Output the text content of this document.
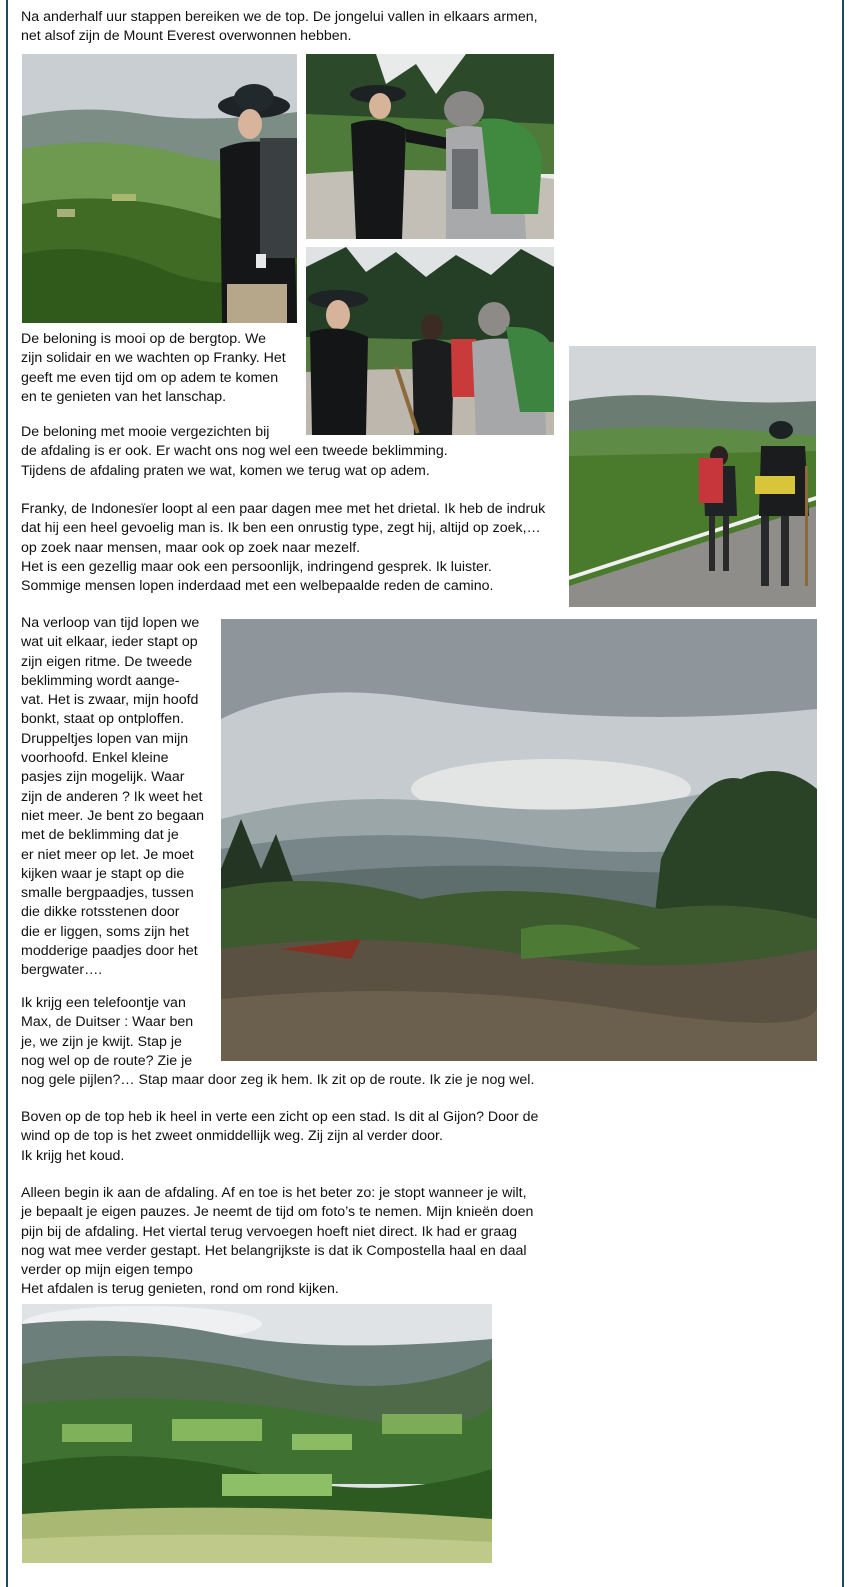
Na anderhalf uur stappen bereiken we de top. De jongelui vallen in elkaars armen,
net alsof zijn de Mount Everest overwonnen hebben.

De beloning is mooi op de bergtop. We
zijn solidair en we wachten op Franky. Het
geeft me even tijd om op adem te komen
en te genieten van het lanschap.

De beloning met mooie vergezichten bij
de afdaling is er ook. Er wacht ons nog wel een tweede beklimming.
Tijdens de afdaling praten we wat, komen we terug wat op adem.

Franky, de Indonesïer loopt al een paar dagen mee met het drietal. Ik heb de indruk
dat hij een heel gevoelig man is. Ik ben een onrustig type, zegt hij, altijd op zoek,…
op zoek naar mensen, maar ook op zoek naar mezelf.
Het is een gezellig maar ook een persoonlijk, indringend gesprek. Ik luister.
Sommige mensen lopen inderdaad met een welbepaalde reden de camino.

Na verloop van tijd lopen we
wat uit elkaar, ieder stapt op
zijn eigen ritme. De tweede
beklimming wordt aange-
vat. Het is zwaar, mijn hoofd
bonkt, staat op ontploffen.
Druppeltjes lopen van mijn
voorhoofd. Enkel kleine
pasjes zijn mogelijk. Waar
zijn de anderen ? Ik weet het
niet meer. Je bent zo begaan
met de beklimming dat je
er niet meer op let. Je moet
kijken waar je stapt op die
smalle bergpaadjes, tussen
die dikke rotsstenen door
die er liggen, soms zijn het
modderige paadjes door het
bergwater….

Ik krijg een telefoontje van
Max, de Duitser : Waar ben
je, we zijn je kwijt. Stap je
nog wel op de route? Zie je

nog gele pijlen?… Stap maar door zeg ik hem. Ik zit op de route. Ik zie je nog wel.

Boven op de top heb ik heel in verte een zicht op een stad. Is dit al Gijon? Door de
wind op de top is het zweet onmiddellijk weg. Zij zijn al verder door.
Ik krijg het koud.

Alleen begin ik aan de afdaling. Af en toe is het beter zo: je stopt wanneer je wilt,
je bepaalt je eigen pauzes. Je neemt de tijd om foto’s te nemen. Mijn knieën doen
pijn bij de afdaling. Het viertal terug vervoegen hoeft niet direct. Ik had er graag
nog wat mee verder gestapt. Het belangrijkste is dat ik Compostella haal en daal
verder op mijn eigen tempo
Het afdalen is terug genieten, rond om rond kijken.
